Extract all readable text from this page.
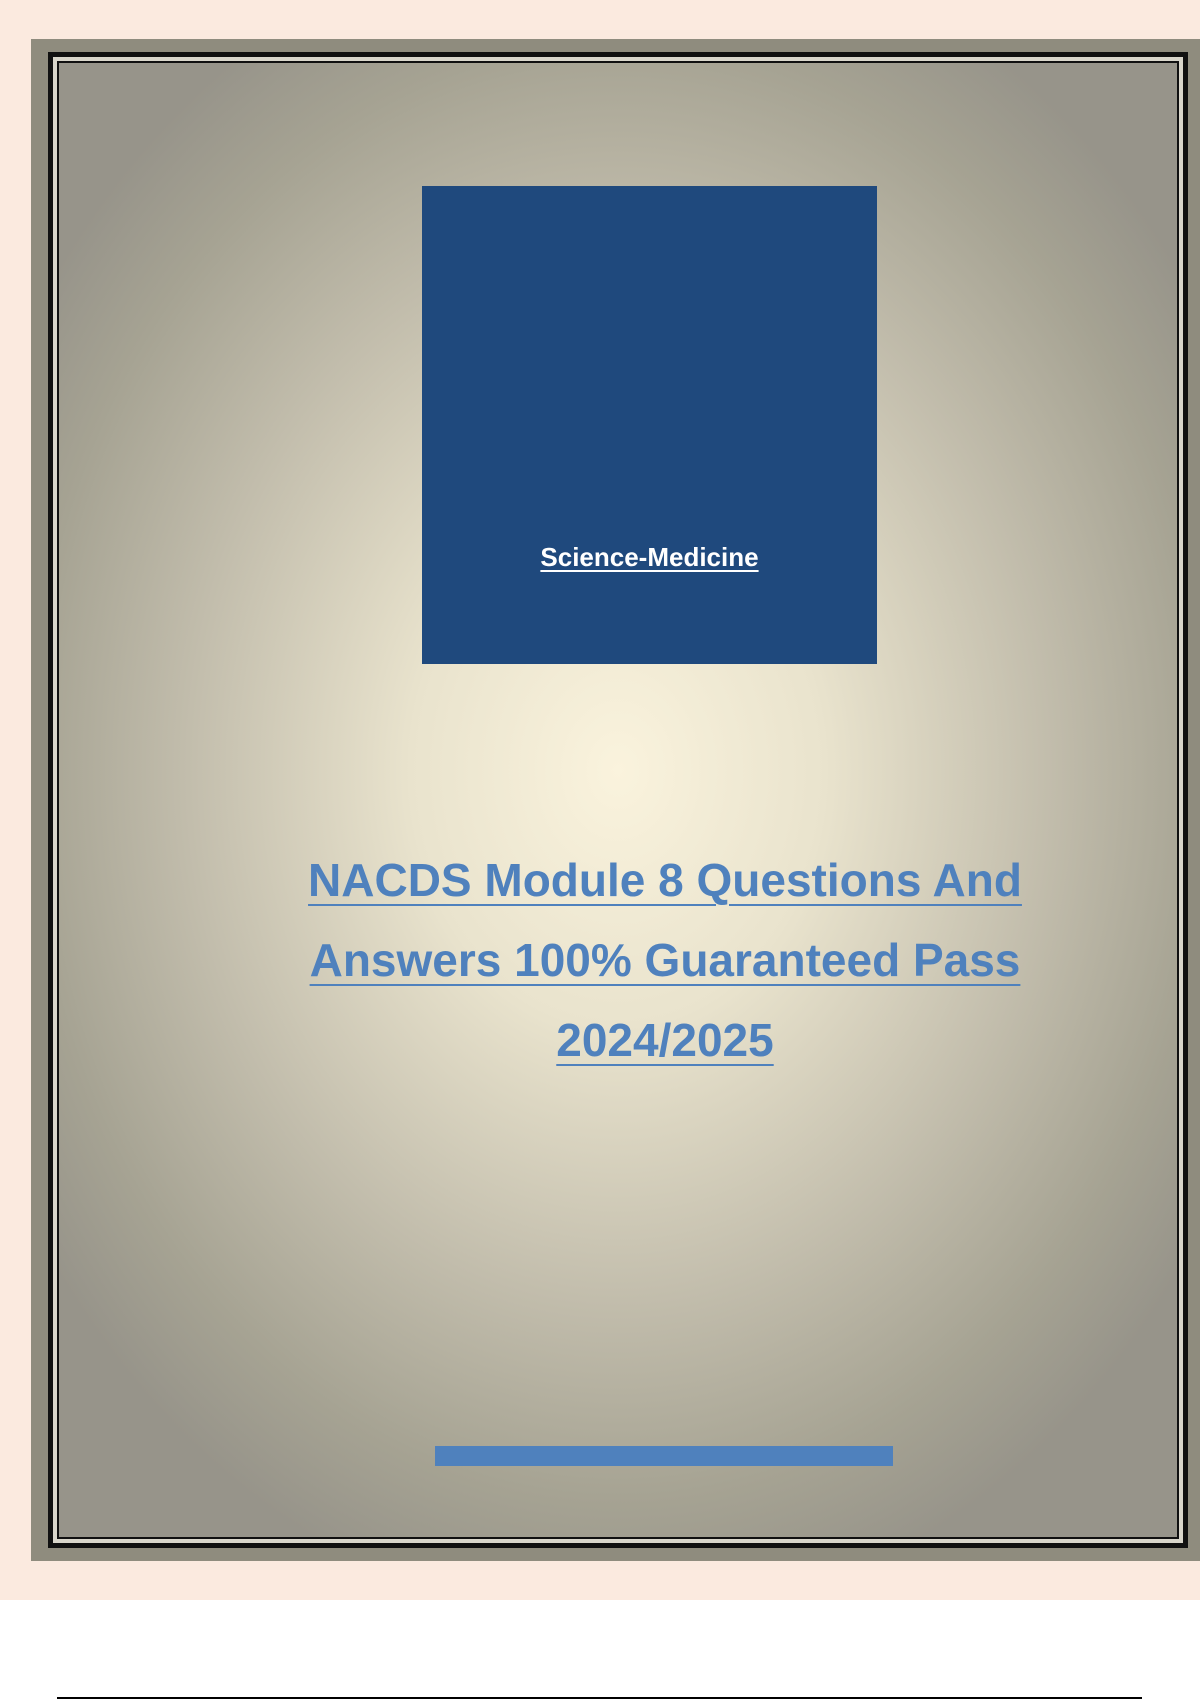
Science-Medicine
NACDS Module 8 Questions And Answers 100% Guaranteed Pass 2024/2025
